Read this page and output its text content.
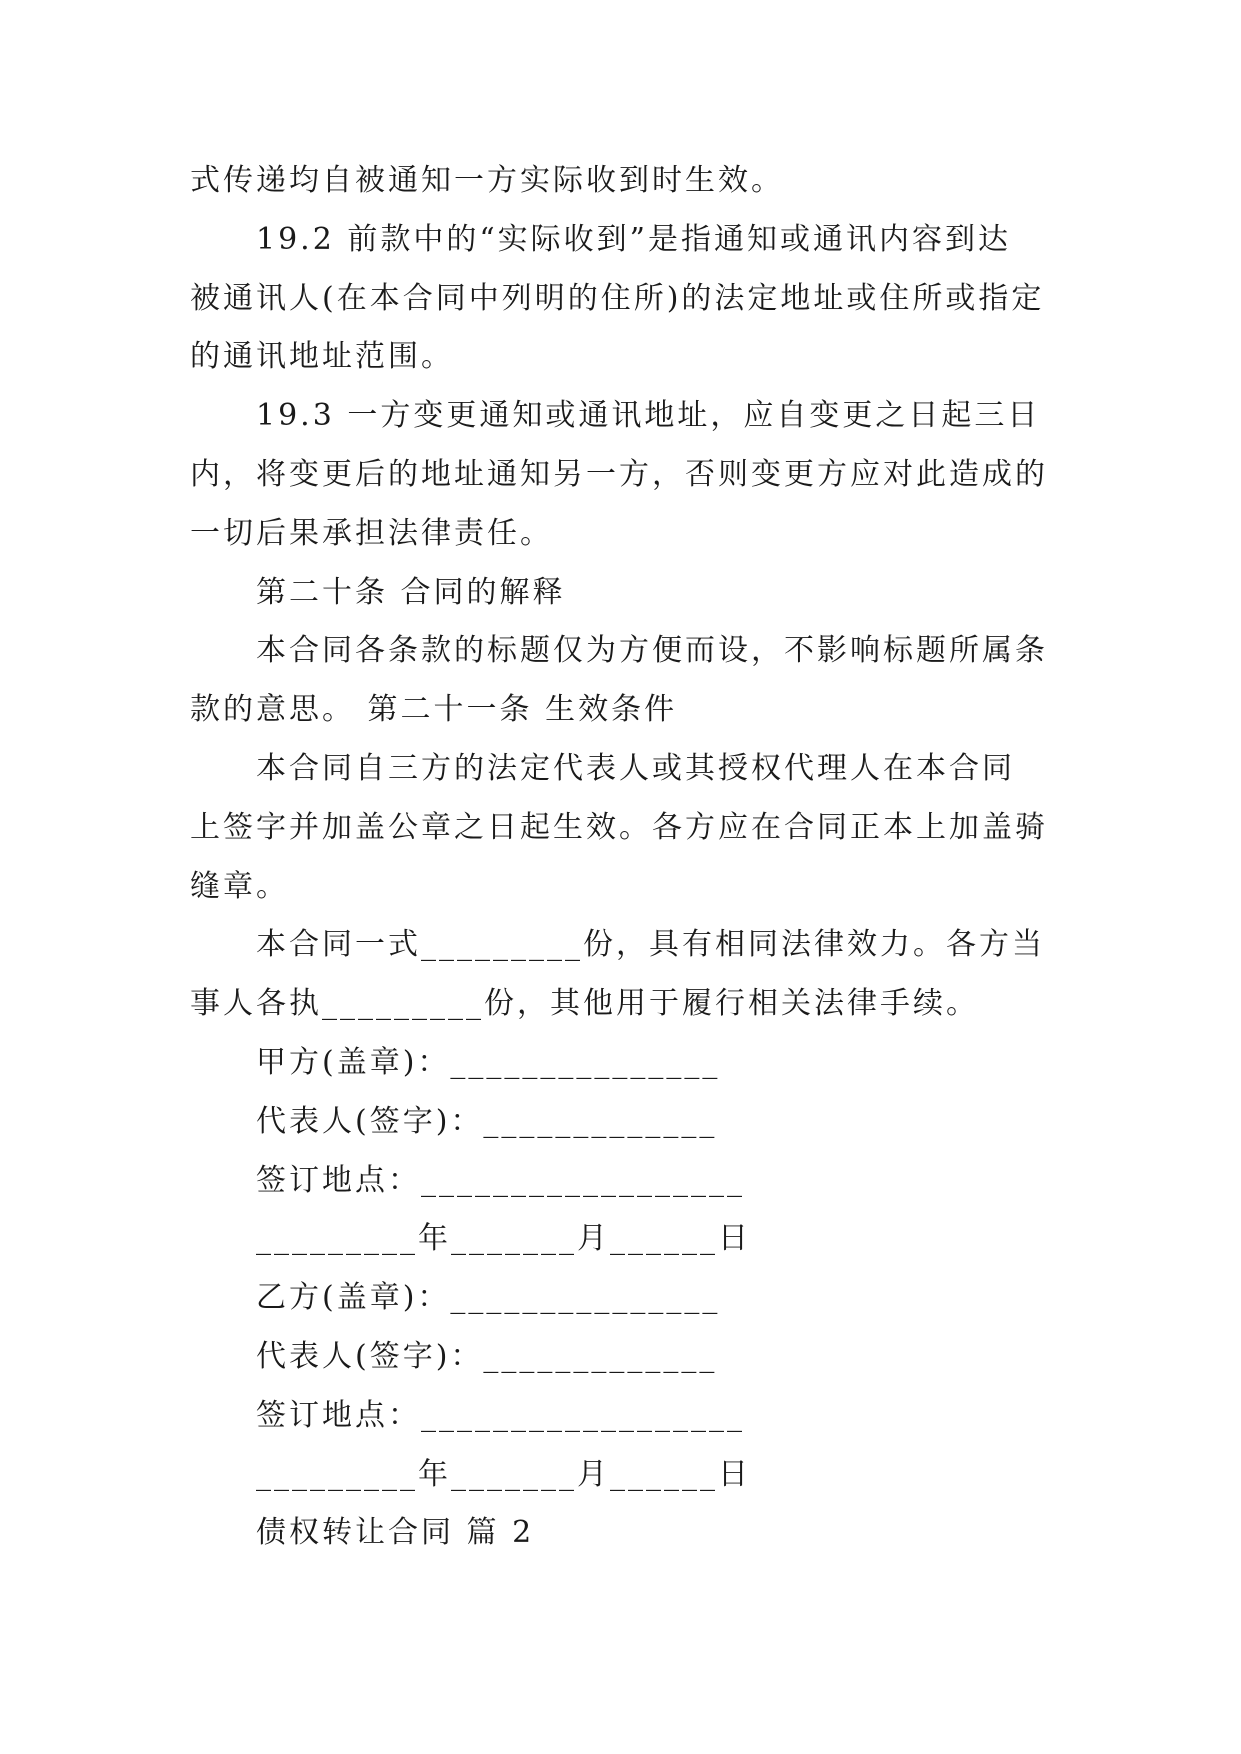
式传递均自被通知一方实际收到时生效。
19.2 前款中的“实际收到”是指通知或通讯内容到达
被通讯人(在本合同中列明的住所)的法定地址或住所或指定
的通讯地址范围。
19.3 一方变更通知或通讯地址，应自变更之日起三日
内，将变更后的地址通知另一方，否则变更方应对此造成的
一切后果承担法律责任。
第二十条 合同的解释
本合同各条款的标题仅为方便而设，不影响标题所属条
款的意思。 第二十一条 生效条件
本合同自三方的法定代表人或其授权代理人在本合同
上签字并加盖公章之日起生效。各方应在合同正本上加盖骑
缝章。
本合同一式_________份，具有相同法律效力。各方当
事人各执_________份，其他用于履行相关法律手续。
甲方(盖章)：_______________
代表人(签字)：_____________
签订地点：__________________
_________年_______月______日
乙方(盖章)：_______________
代表人(签字)：_____________
签订地点：__________________
_________年_______月______日
债权转让合同 篇 2
